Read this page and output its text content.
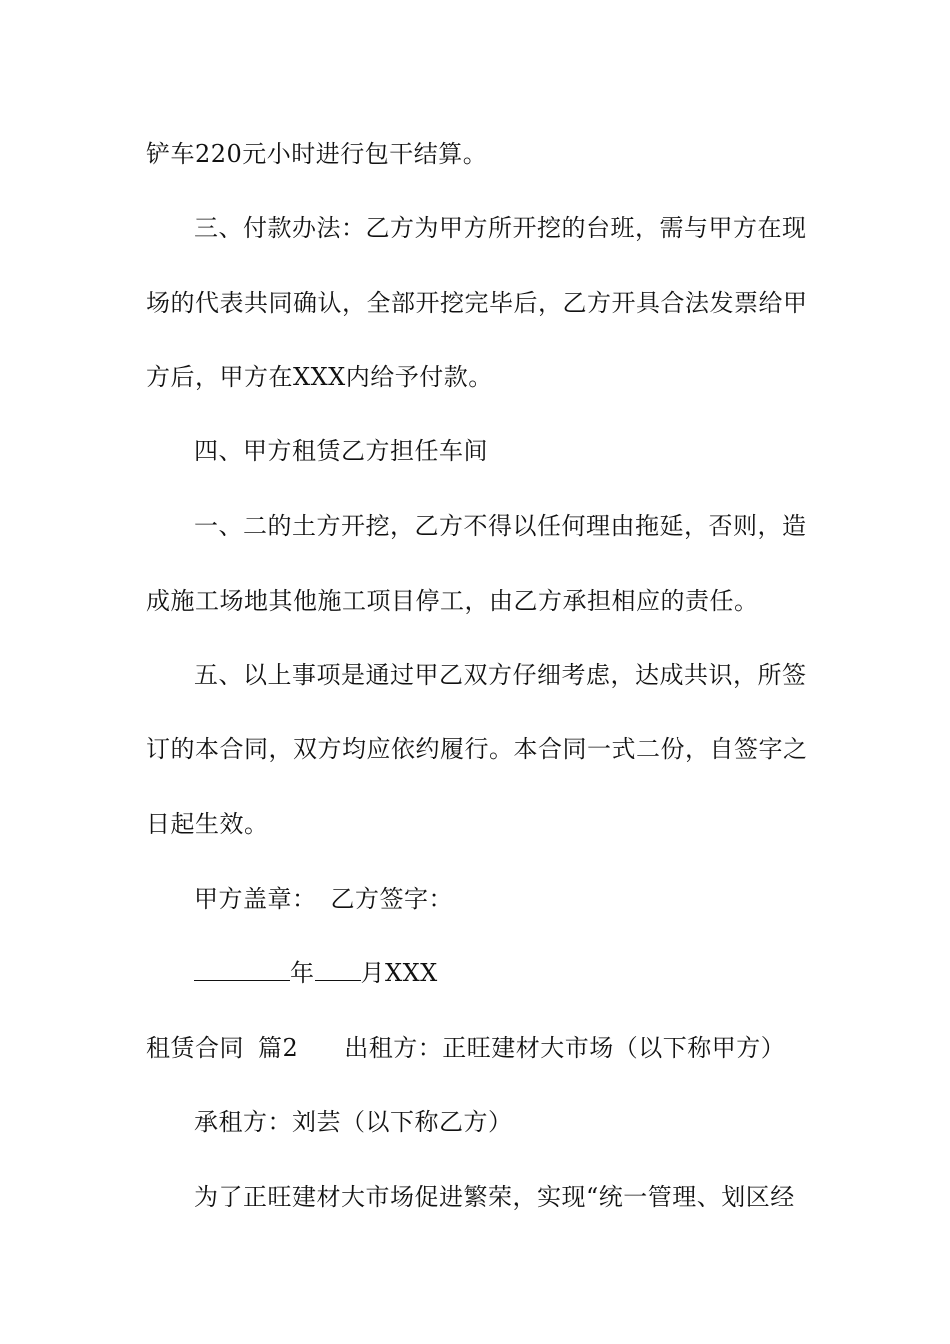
铲车220元小时进行包干结算。
三、付款办法：乙方为甲方所开挖的台班，需与甲方在现
场的代表共同确认，全部开挖完毕后，乙方开具合法发票给甲
方后，甲方在XXX内给予付款。
四、甲方租赁乙方担任车间
一、二的土方开挖，乙方不得以任何理由拖延，否则，造
成施工场地其他施工项目停工，由乙方承担相应的责任。
五、以上事项是通过甲乙双方仔细考虑，达成共识，所签
订的本合同，双方均应依约履行。本合同一式二份，自签字之
日起生效。
甲方盖章： 乙方签字：
年 月XXX
租赁合同 篇2 出租方：正旺建材大市场（以下称甲方）
承租方：刘芸（以下称乙方）
为了正旺建材大市场促进繁荣，实现“统一管理、划区经
